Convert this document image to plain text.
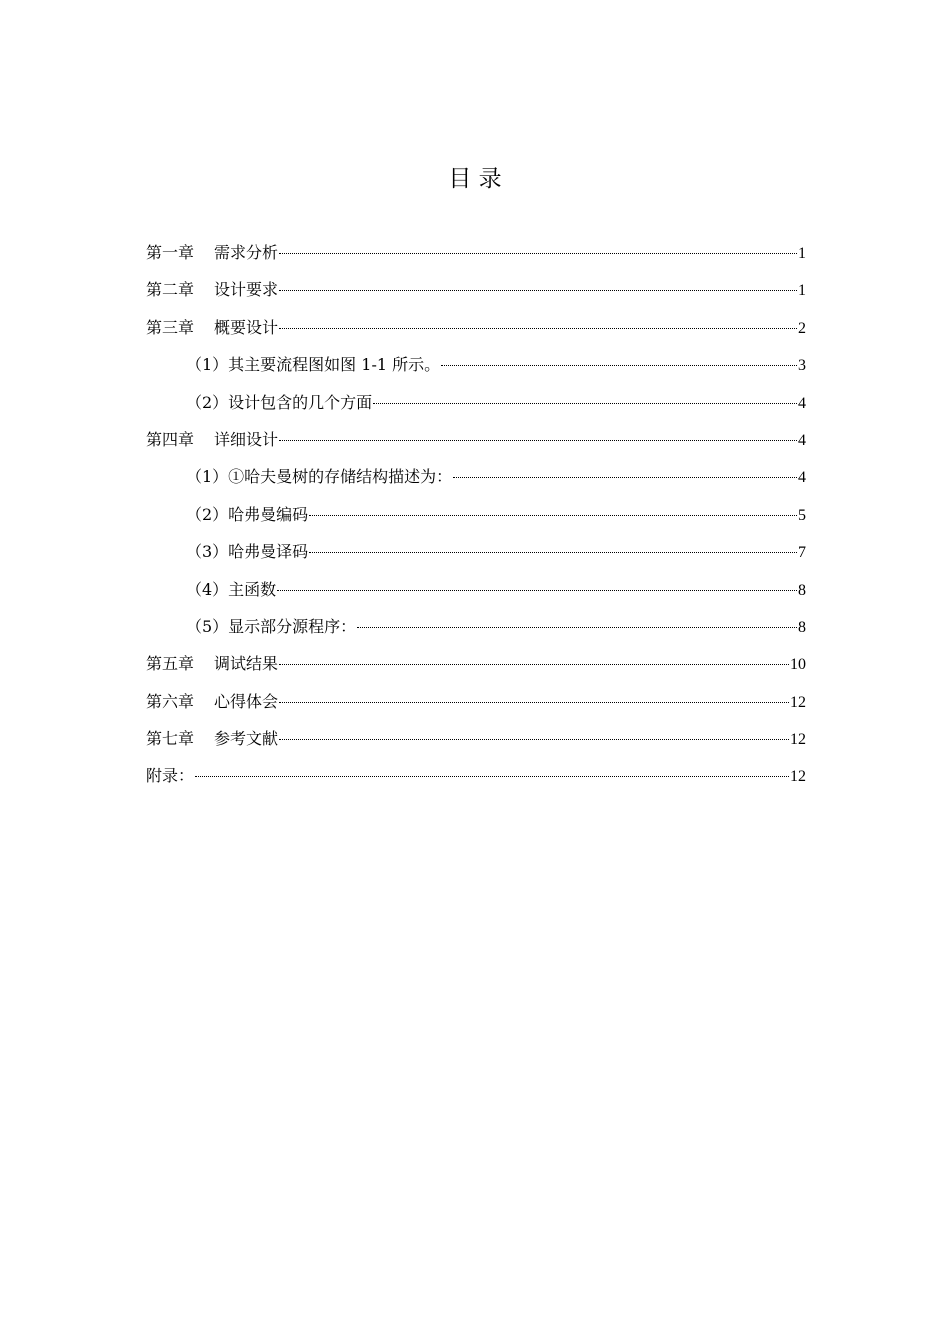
目 录
第一章 需求分析	1
第二章 设计要求	1
第三章 概要设计	2
（1）其主要流程图如图 1-1 所示。	3
（2）设计包含的几个方面	4
第四章 详细设计	4
（1）①哈夫曼树的存储结构描述为：	4
（2）哈弗曼编码	5
（3）哈弗曼译码	7
（4）主函数	8
（5）显示部分源程序：	8
第五章 调试结果	10
第六章 心得体会	12
第七章 参考文献	12
附录：	12
